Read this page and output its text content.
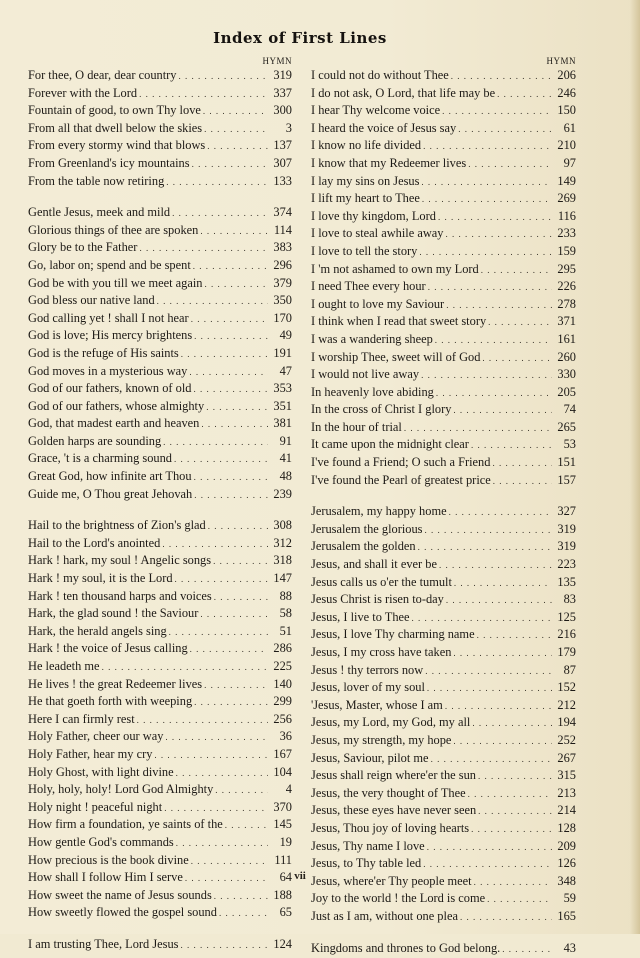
Index of First Lines
HYMN
For thee, O dear, dear country . . .	319
Forever with the Lord . . .	337
Fountain of good, to own Thy love . . .	300
From all that dwell below the skies . . .	3
From every stormy wind that blows . . .	137
From Greenland's icy mountains . . .	307
From the table now retiring . . .	133
Gentle Jesus, meek and mild . . .	374
Glorious things of thee are spoken . . .	114
Glory be to the Father . . .	383
Go, labor on; spend and be spent . . .	296
God be with you till we meet again . . .	379
God bless our native land . . .	350
God calling yet ! shall I not hear . . .	170
God is love; His mercy brightens . . .	49
God is the refuge of His saints . . .	191
God moves in a mysterious way . . .	47
God of our fathers, known of old . . .	353
God of our fathers, whose almighty . . .	351
God, that madest earth and heaven . . .	381
Golden harps are sounding . . .	91
Grace, 't is a charming sound . . .	41
Great God, how infinite art Thou . . .	48
Guide me, O Thou great Jehovah . . .	239
Hail to the brightness of Zion's glad . . .	308
Hail to the Lord's anointed . . .	312
Hark ! hark, my soul ! Angelic songs . . .	318
Hark ! my soul, it is the Lord . . .	147
Hark ! ten thousand harps and voices . . .	88
Hark, the glad sound ! the Saviour . . .	58
Hark, the herald angels sing . . .	51
Hark ! the voice of Jesus calling . . .	286
He leadeth me . . .	225
He lives ! the great Redeemer lives . . .	140
He that goeth forth with weeping . . .	299
Here I can firmly rest . . .	256
Holy Father, cheer our way . . .	36
Holy Father, hear my cry . . .	167
Holy Ghost, with light divine . . .	104
Holy, holy, holy! Lord God Almighty . . .	4
Holy night ! peaceful night . . .	370
How firm a foundation, ye saints of the . . .	145
How gentle God's commands . . .	19
How precious is the book divine . . .	111
How shall I follow Him I serve . . .	64
How sweet the name of Jesus sounds . . .	188
How sweetly flowed the gospel sound . . .	65
I am trusting Thee, Lord Jesus . . .	124
HYMN
I could not do without Thee . . .	206
I do not ask, O Lord, that life may be . . .	246
I hear Thy welcome voice . . .	150
I heard the voice of Jesus say . . .	61
I know no life divided . . .	210
I know that my Redeemer lives . . .	97
I lay my sins on Jesus . . .	149
I lift my heart to Thee . . .	269
I love thy kingdom, Lord . . .	116
I love to steal awhile away . . .	233
I love to tell the story . . .	159
I 'm not ashamed to own my Lord . . .	295
I need Thee every hour . . .	226
I ought to love my Saviour . . .	278
I think when I read that sweet story . . .	371
I was a wandering sheep . . .	161
I worship Thee, sweet will of God . . .	260
I would not live away . . .	330
In heavenly love abiding . . .	205
In the cross of Christ I glory . . .	74
In the hour of trial . . .	265
It came upon the midnight clear . . .	53
I've found a Friend; O such a Friend . . .	151
I've found the Pearl of greatest price . . .	157
Jerusalem, my happy home . . .	327
Jerusalem the glorious . . .	319
Jerusalem the golden . . .	319
Jesus, and shall it ever be . . .	223
Jesus calls us o'er the tumult . . .	135
Jesus Christ is risen to-day . . .	83
Jesus, I live to Thee . . .	125
Jesus, I love Thy charming name . . .	216
Jesus, I my cross have taken . . .	179
Jesus ! thy terrors now . . .	87
Jesus, lover of my soul . . .	152
'Jesus, Master, whose I am . . .	212
Jesus, my Lord, my God, my all . . .	194
Jesus, my strength, my hope . . .	252
Jesus, Saviour, pilot me . . .	267
Jesus shall reign where'er the sun . . .	315
Jesus, the very thought of Thee . . .	213
Jesus, these eyes have never seen . . .	214
Jesus, Thou joy of loving hearts . . .	128
Jesus, Thy name I love . . .	209
Jesus, to Thy table led . . .	126
Jesus, where'er Thy people meet . . .	348
Joy to the world ! the Lord is come . . .	59
Just as I am, without one plea . . .	165
Kingdoms and thrones to God belong. . . .	43
vii
